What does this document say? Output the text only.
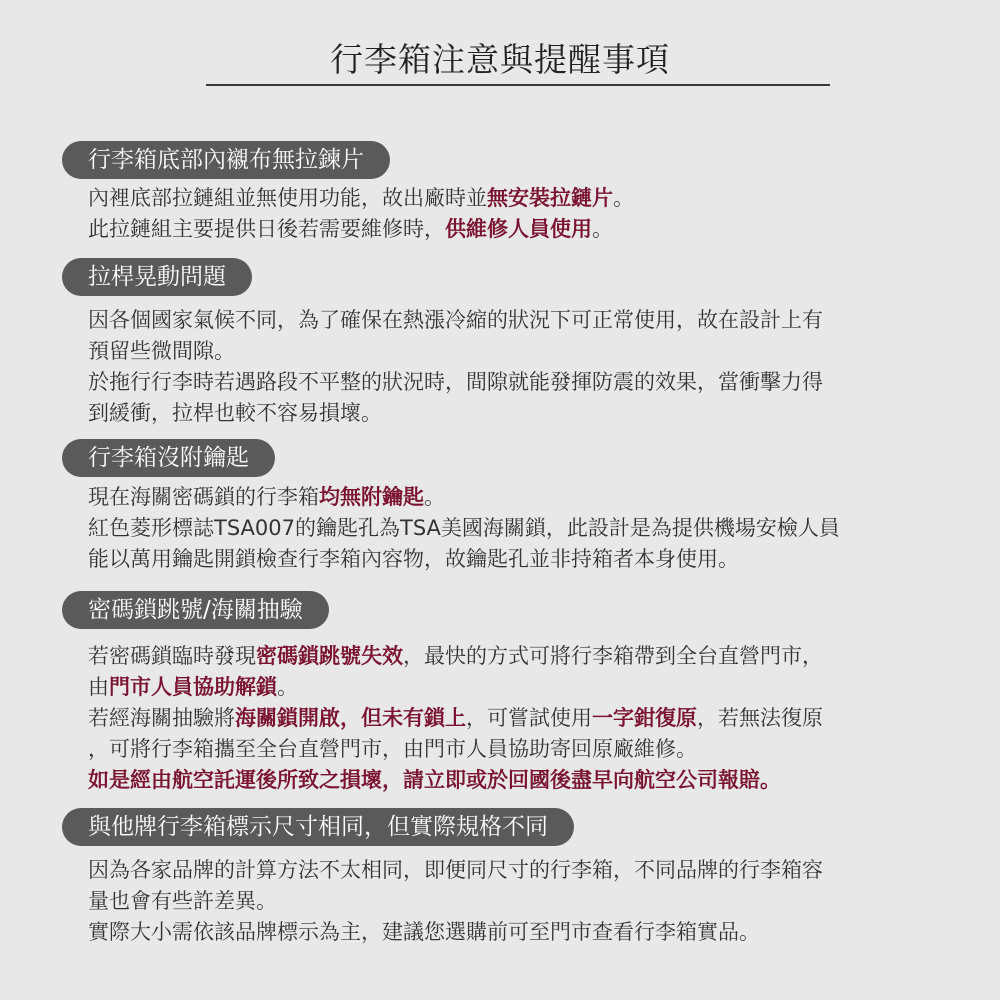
行李箱注意與提醒事項
行李箱底部內襯布無拉鍊片
內裡底部拉鏈組並無使用功能，故出廠時並無安裝拉鏈片。
此拉鏈組主要提供日後若需要維修時，供維修人員使用。
拉桿晃動問題
因各個國家氣候不同，為了確保在熱漲冷縮的狀況下可正常使用，故在設計上有
預留些微間隙。
於拖行行李時若遇路段不平整的狀況時，間隙就能發揮防震的效果，當衝擊力得
到緩衝，拉桿也較不容易損壞。
行李箱沒附鑰匙
現在海關密碼鎖的行李箱均無附鑰匙。
紅色菱形標誌TSA007的鑰匙孔為TSA美國海關鎖，此設計是為提供機場安檢人員
能以萬用鑰匙開鎖檢查行李箱內容物，故鑰匙孔並非持箱者本身使用。
密碼鎖跳號/海關抽驗
若密碼鎖臨時發現密碼鎖跳號失效，最快的方式可將行李箱帶到全台直營門市，
由門市人員協助解鎖。
若經海關抽驗將海關鎖開啟，但未有鎖上，可嘗試使用一字鉗復原，若無法復原
，可將行李箱攜至全台直營門市，由門市人員協助寄回原廠維修。
如是經由航空託運後所致之損壞，請立即或於回國後盡早向航空公司報賠。
與他牌行李箱標示尺寸相同，但實際規格不同
因為各家品牌的計算方法不太相同，即便同尺寸的行李箱，不同品牌的行李箱容
量也會有些許差異。
實際大小需依該品牌標示為主，建議您選購前可至門市查看行李箱實品。
